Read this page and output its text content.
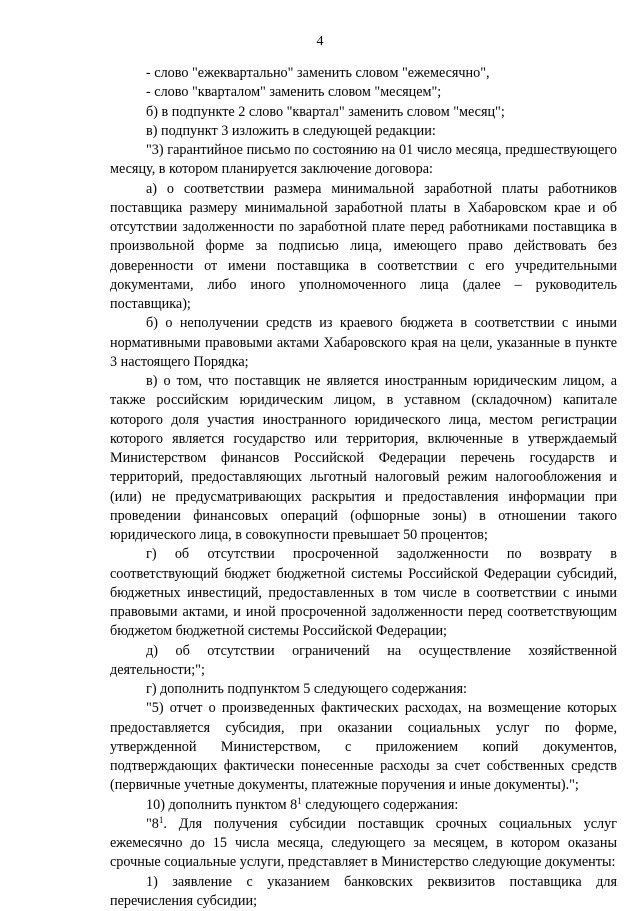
4

- слово "ежеквартально" заменить словом "ежемесячно",

- слово "кварталом" заменить словом "месяцем";

б) в подпункте 2 слово "квартал" заменить словом "месяц";

в) подпункт 3 изложить в следующей редакции:

"3) гарантийное письмо по состоянию на 01 число месяца, предшествующего месяцу, в котором планируется заключение договора:

а) о соответствии размера минимальной заработной платы работников поставщика размеру минимальной заработной платы в Хабаровском крае и об отсутствии задолженности по заработной плате перед работниками поставщика в произвольной форме за подписью лица, имеющего право действовать без доверенности от имени поставщика в соответствии с его учредительными документами, либо иного уполномоченного лица (далее – руководитель поставщика);

б) о неполучении средств из краевого бюджета в соответствии с иными нормативными правовыми актами Хабаровского края на цели, указанные в пункте 3 настоящего Порядка;

в) о том, что поставщик не является иностранным юридическим лицом, а также российским юридическим лицом, в уставном (складочном) капитале которого доля участия иностранного юридического лица, местом регистрации которого является государство или территория, включенные в утверждаемый Министерством финансов Российской Федерации перечень государств и территорий, предоставляющих льготный налоговый режим налогообложения и (или) не предусматривающих раскрытия и предоставления информации при проведении финансовых операций (офшорные зоны) в отношении такого юридического лица, в совокупности превышает 50 процентов;

г) об отсутствии просроченной задолженности по возврату в соответствующий бюджет бюджетной системы Российской Федерации субсидий, бюджетных инвестиций, предоставленных в том числе в соответствии с иными правовыми актами, и иной просроченной задолженности перед соответствующим бюджетом бюджетной системы Российской Федерации;

д) об отсутствии ограничений на осуществление хозяйственной деятельности;";

г) дополнить подпунктом 5 следующего содержания:

"5) отчет о произведенных фактических расходах, на возмещение которых предоставляется субсидия, при оказании социальных услуг по форме, утвержденной Министерством, с приложением копий документов, подтверждающих фактически понесенные расходы за счет собственных средств (первичные учетные документы, платежные поручения и иные документы).";

10) дополнить пунктом $8^1$ следующего содержания:

"$8^1$. Для получения субсидии поставщик срочных социальных услуг ежемесячно до 15 числа месяца, следующего за месяцем, в котором оказаны срочные социальные услуги, представляет в Министерство следующие документы:

1) заявление с указанием банковских реквизитов поставщика для перечисления субсидии;
